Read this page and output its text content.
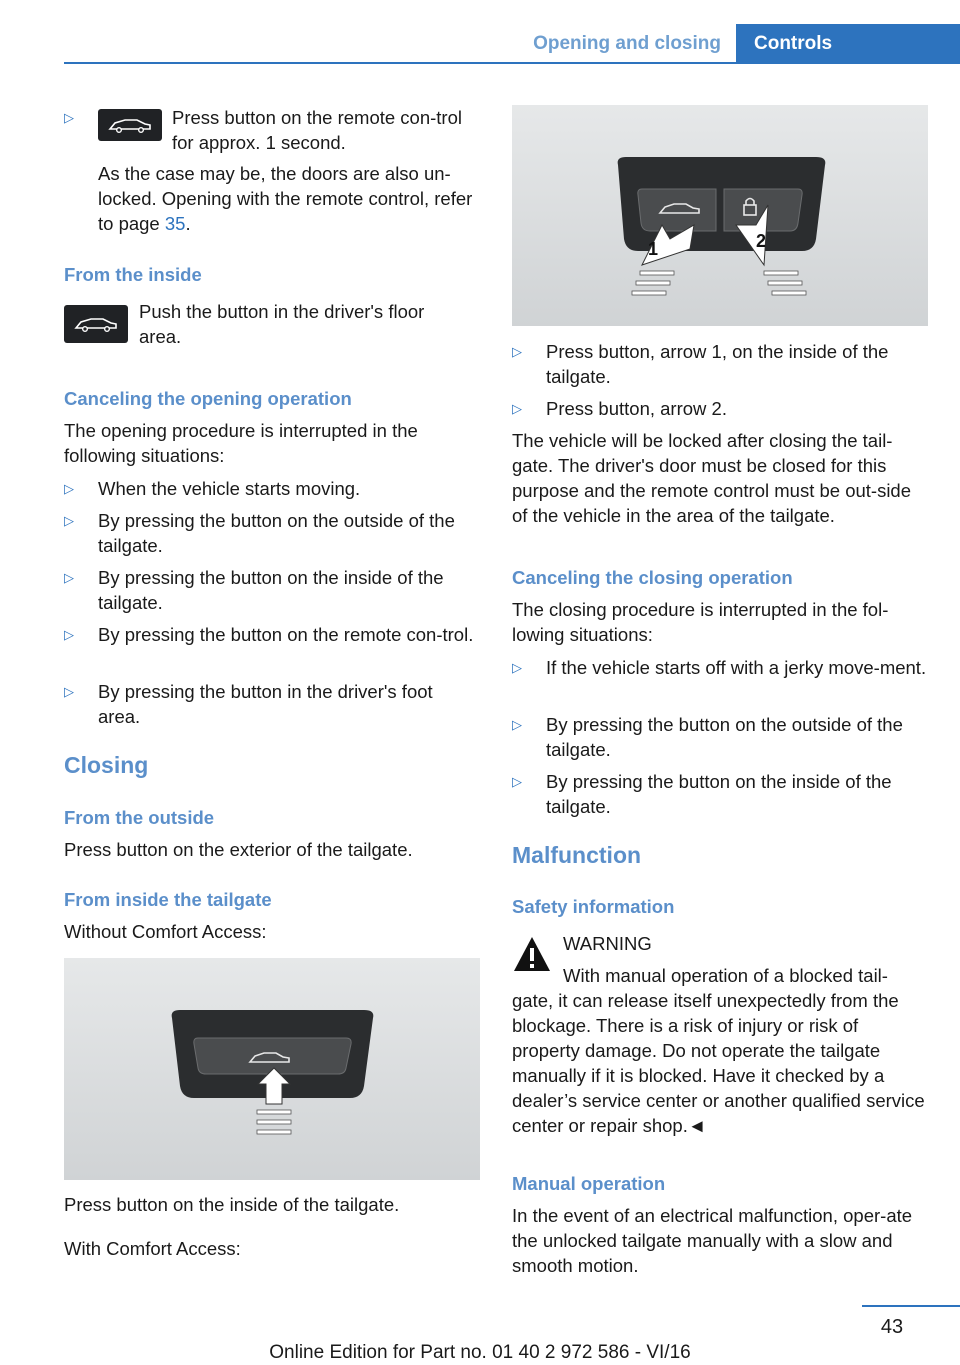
Opening and closing	Controls
▷	Press button on the remote con-trol for approx. 1 second.
As the case may be, the doors are also un-locked. Opening with the remote control, refer to page 35.
From the inside
Push the button in the driver's floor area.
Canceling the opening operation
The opening procedure is interrupted in the following situations:
▷	When the vehicle starts moving.
▷	By pressing the button on the outside of the tailgate.
▷	By pressing the button on the inside of the tailgate.
▷	By pressing the button on the remote con-trol.
▷	By pressing the button in the driver's foot area.
Closing
From the outside
Press button on the exterior of the tailgate.
From inside the tailgate
Without Comfort Access:
Press button on the inside of the tailgate.
With Comfort Access:
1	2
▷	Press button, arrow 1, on the inside of the tailgate.
▷	Press button, arrow 2.
The vehicle will be locked after closing the tail-gate. The driver's door must be closed for this purpose and the remote control must be out-side of the vehicle in the area of the tailgate.
Canceling the closing operation
The closing procedure is interrupted in the fol-lowing situations:
▷	If the vehicle starts off with a jerky move-ment.
▷	By pressing the button on the outside of the tailgate.
▷	By pressing the button on the inside of the tailgate.
Malfunction
Safety information
WARNING
With manual operation of a blocked tail-gate, it can release itself unexpectedly from the blockage. There is a risk of injury or risk of property damage. Do not operate the tailgate manually if it is blocked. Have it checked by a dealer’s service center or another qualified service center or repair shop.◄
Manual operation
In the event of an electrical malfunction, oper-ate the unlocked tailgate manually with a slow and smooth motion.
43
Online Edition for Part no. 01 40 2 972 586 - VI/16
